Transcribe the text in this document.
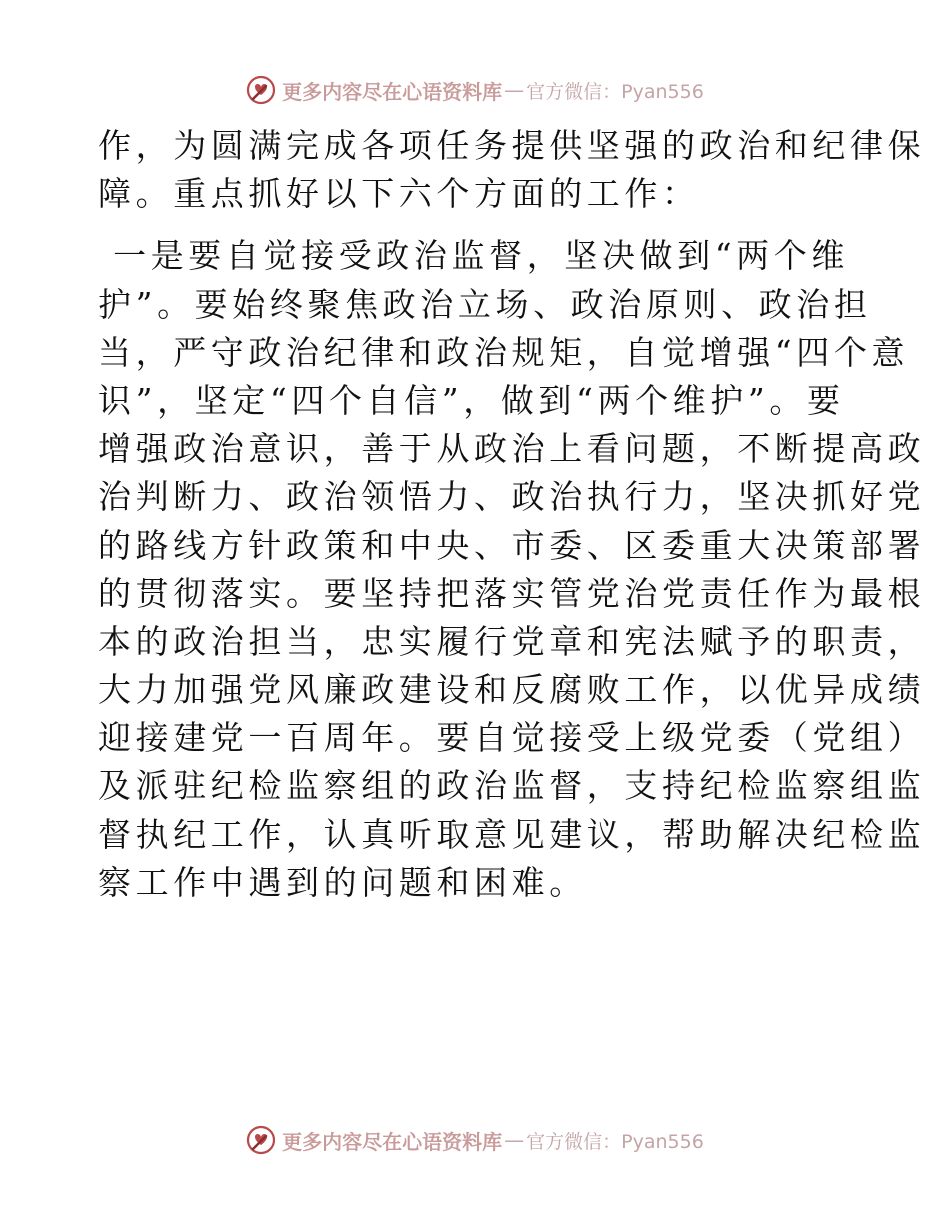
更多内容尽在心语资料库 — 官方微信：Pyan556
作，为圆满完成各项任务提供坚强的政治和纪律保
障。重点抓好以下六个方面的工作：
一是要自觉接受政治监督，坚决做到“两个维
护”。要始终聚焦政治立场、政治原则、政治担
当，严守政治纪律和政治规矩，自觉增强“四个意
识”，坚定“四个自信”，做到“两个维护”。要
增强政治意识，善于从政治上看问题，不断提高政
治判断力、政治领悟力、政治执行力，坚决抓好党
的路线方针政策和中央、市委、区委重大决策部署
的贯彻落实。要坚持把落实管党治党责任作为最根
本的政治担当，忠实履行党章和宪法赋予的职责，
大力加强党风廉政建设和反腐败工作，以优异成绩
迎接建党一百周年。要自觉接受上级党委（党组）
及派驻纪检监察组的政治监督，支持纪检监察组监
督执纪工作，认真听取意见建议，帮助解决纪检监
察工作中遇到的问题和困难。
更多内容尽在心语资料库 — 官方微信：Pyan556
